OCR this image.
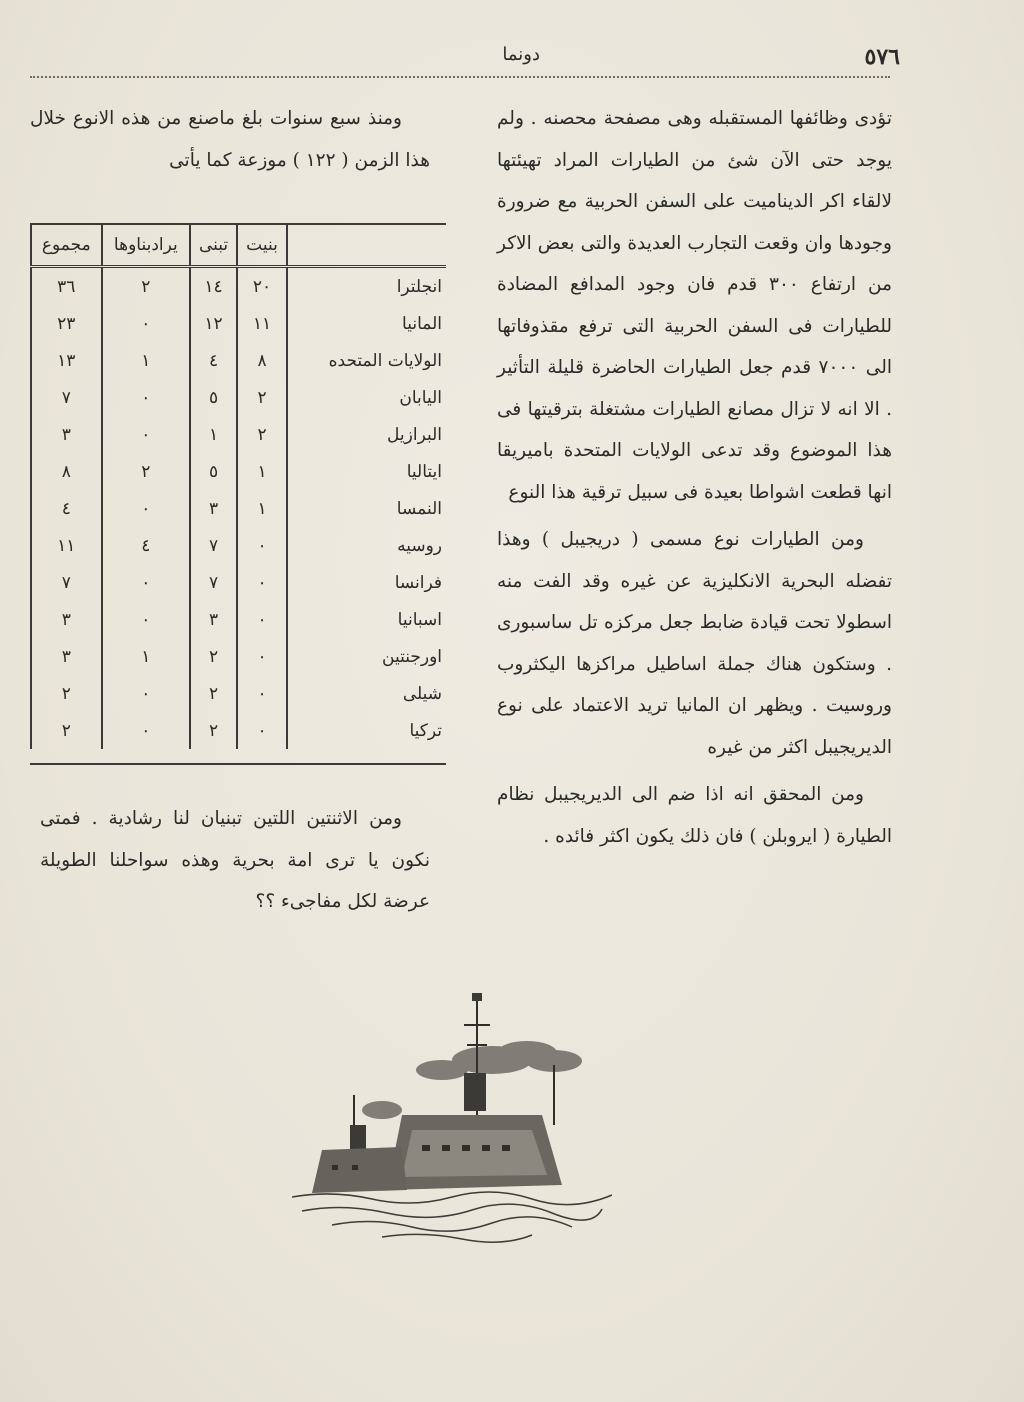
٥٧٦
دونما

تؤدى وظائفها المستقبله وهى مصفحة محصنه . ولم يوجد حتى الآن شئ من الطيارات المراد تهيئتها لالقاء اكر الديناميت على السفن الحربية مع ضرورة وجودها وان وقعت التجارب العديدة والتى بعض الاكر من ارتفاع ٣٠٠ قدم فان وجود المدافع المضادة للطيارات فى السفن الحربية التى ترفع مقذوفاتها الى ٧٠٠٠ قدم جعل الطيارات الحاضرة قليلة التأثير . الا انه لا تزال مصانع الطيارات مشتغلة بترقيتها فى هذا الموضوع وقد تدعى الولايات المتحدة باميريقا انها قطعت اشواطا بعيدة فى سبيل ترقية هذا النوع

ومن الطيارات نوع مسمى ( دريجيبل ) وهذا تفضله البحرية الانكليزية عن غيره وقد الفت منه اسطولا تحت قيادة ضابط جعل مركزه تل ساسبورى . وستكون هناك جملة اساطيل مراكزها اليكثروب وروسيت . ويظهر ان المانيا تريد الاعتماد على نوع الديريجيبل اكثر من غيره

ومن المحقق انه اذا ضم الى الديريجيبل نظام الطيارة ( ايروبلن ) فان ذلك يكون اكثر فائده .

ومنذ سبع سنوات بلغ ماصنع من هذه الانوع خلال هذا الزمن ( ١٢٢ ) موزعة كما يأتى

	بنيت	تبنى	يرادبناوها	مجموع
انجلترا	٢٠	١٤	٢	٣٦
المانيا	١١	١٢	٠	٢٣
الولايات المتحده	٨	٤	١	١٣
اليابان	٢	٥	٠	٧
البرازيل	٢	١	٠	٣
ايتاليا	١	٥	٢	٨
النمسا	١	٣	٠	٤
روسيه	٠	٧	٤	١١
فرانسا	٠	٧	٠	٧
اسبانيا	٠	٣	٠	٣
اورجنتين	٠	٢	١	٣
شيلى	٠	٢	٠	٢
تركيا	٠	٢	٠	٢

ومن الاثنتين اللتين تبنيان لنا رشادية . فمتى نكون يا ترى امة بحرية وهذه سواحلنا الطويلة عرضة لكل مفاجىء ؟؟
